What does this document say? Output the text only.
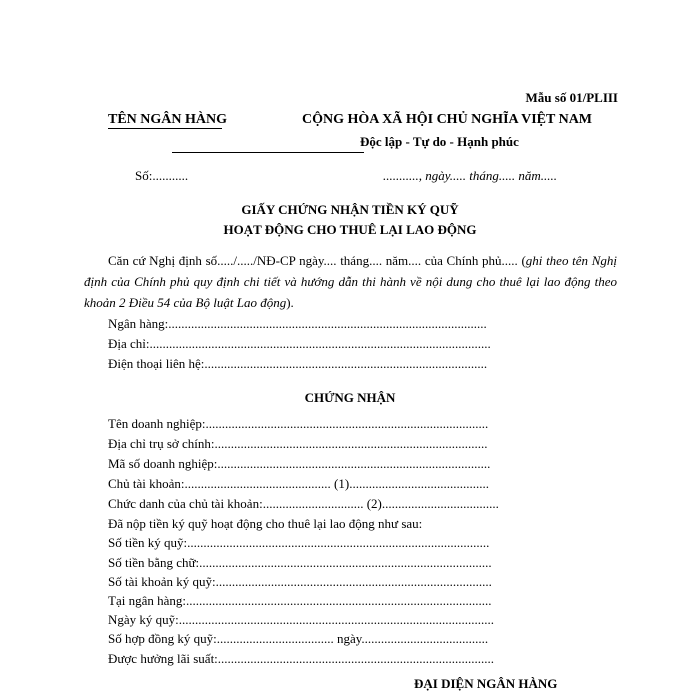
Mẫu số 01/PLIII
TÊN NGÂN HÀNG	CỘNG HÒA XÃ HỘI CHỦ NGHĨA VIỆT NAM
Độc lập - Tự do - Hạnh phúc
Số:...........	..........., ngày..... tháng..... năm.....
GIẤY CHỨNG NHẬN TIỀN KÝ QUỸ
HOẠT ĐỘNG CHO THUÊ LẠI LAO ĐỘNG
Căn cứ Nghị định số...../...../NĐ-CP ngày.... tháng.... năm.... của Chính phủ..... (ghi theo tên Nghị định của Chính phủ quy định chi tiết và hướng dẫn thi hành về nội dung cho thuê lại lao động theo khoản 2 Điều 54 của Bộ luật Lao động).
Ngân hàng:..................................................................................................
Địa chỉ:.........................................................................................................
Điện thoại liên hệ:.......................................................................................
CHỨNG NHẬN
Tên doanh nghiệp:.......................................................................................
Địa chỉ trụ sở chính:....................................................................................
Mã số doanh nghiệp:....................................................................................
Chủ tài khoản:............................................. (1)...........................................
Chức danh của chủ tài khoản:............................... (2)....................................
Đã nộp tiền ký quỹ hoạt động cho thuê lại lao động như sau:
Số tiền ký quỹ:.............................................................................................
Số tiền bằng chữ:..........................................................................................
Số tài khoản ký quỹ:.....................................................................................
Tại ngân hàng:..............................................................................................
Ngày ký quỹ:.................................................................................................
Số hợp đồng ký quỹ:.................................... ngày.......................................
Được hưởng lãi suất:.....................................................................................
ĐẠI DIỆN NGÂN HÀNG
